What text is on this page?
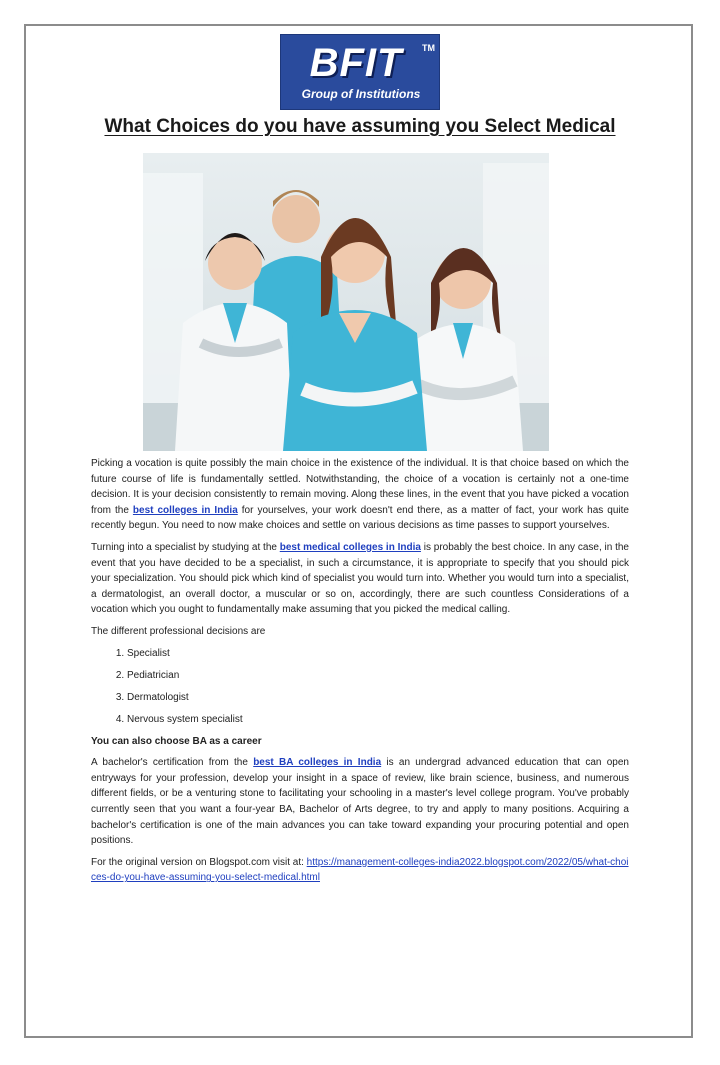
BFIT	TM
Group of Institutions
What Choices do you have assuming you Select Medical

Picking a vocation is quite possibly the main choice in the existence of the individual. It is that choice based on which the future course of life is fundamentally settled. Notwithstanding, the choice of a vocation is certainly not a one-time decision. It is your decision consistently to remain moving. Along these lines, in the event that you have picked a vocation from the best colleges in India for yourselves, your work doesn't end there, as a matter of fact, your work has quite recently begun. You need to now make choices and settle on various decisions as time passes to support yourselves.

Turning into a specialist by studying at the best medical colleges in India is probably the best choice. In any case, in the event that you have decided to be a specialist, in such a circumstance, it is appropriate to specify that you should pick your specialization. You should pick which kind of specialist you would turn into. Whether you would turn into a specialist, a dermatologist, an overall doctor, a muscular or so on, accordingly, there are such countless Considerations of a vocation which you ought to fundamentally make assuming that you picked the medical calling.

The different professional decisions are

1. Specialist
2. Pediatrician
3. Dermatologist
4. Nervous system specialist

You can also choose BA as a career

A bachelor's certification from the best BA colleges in India is an undergrad advanced education that can open entryways for your profession, develop your insight in a space of review, like brain science, business, and numerous different fields, or be a venturing stone to facilitating your schooling in a master's level college program. You've probably currently seen that you want a four-year BA, Bachelor of Arts degree, to try and apply to many positions. Acquiring a bachelor's certification is one of the main advances you can take toward expanding your procuring potential and open positions.

For the original version on Blogspot.com visit at: https://management-colleges-india2022.blogspot.com/2022/05/what-choices-do-you-have-assuming-you-select-medical.html
